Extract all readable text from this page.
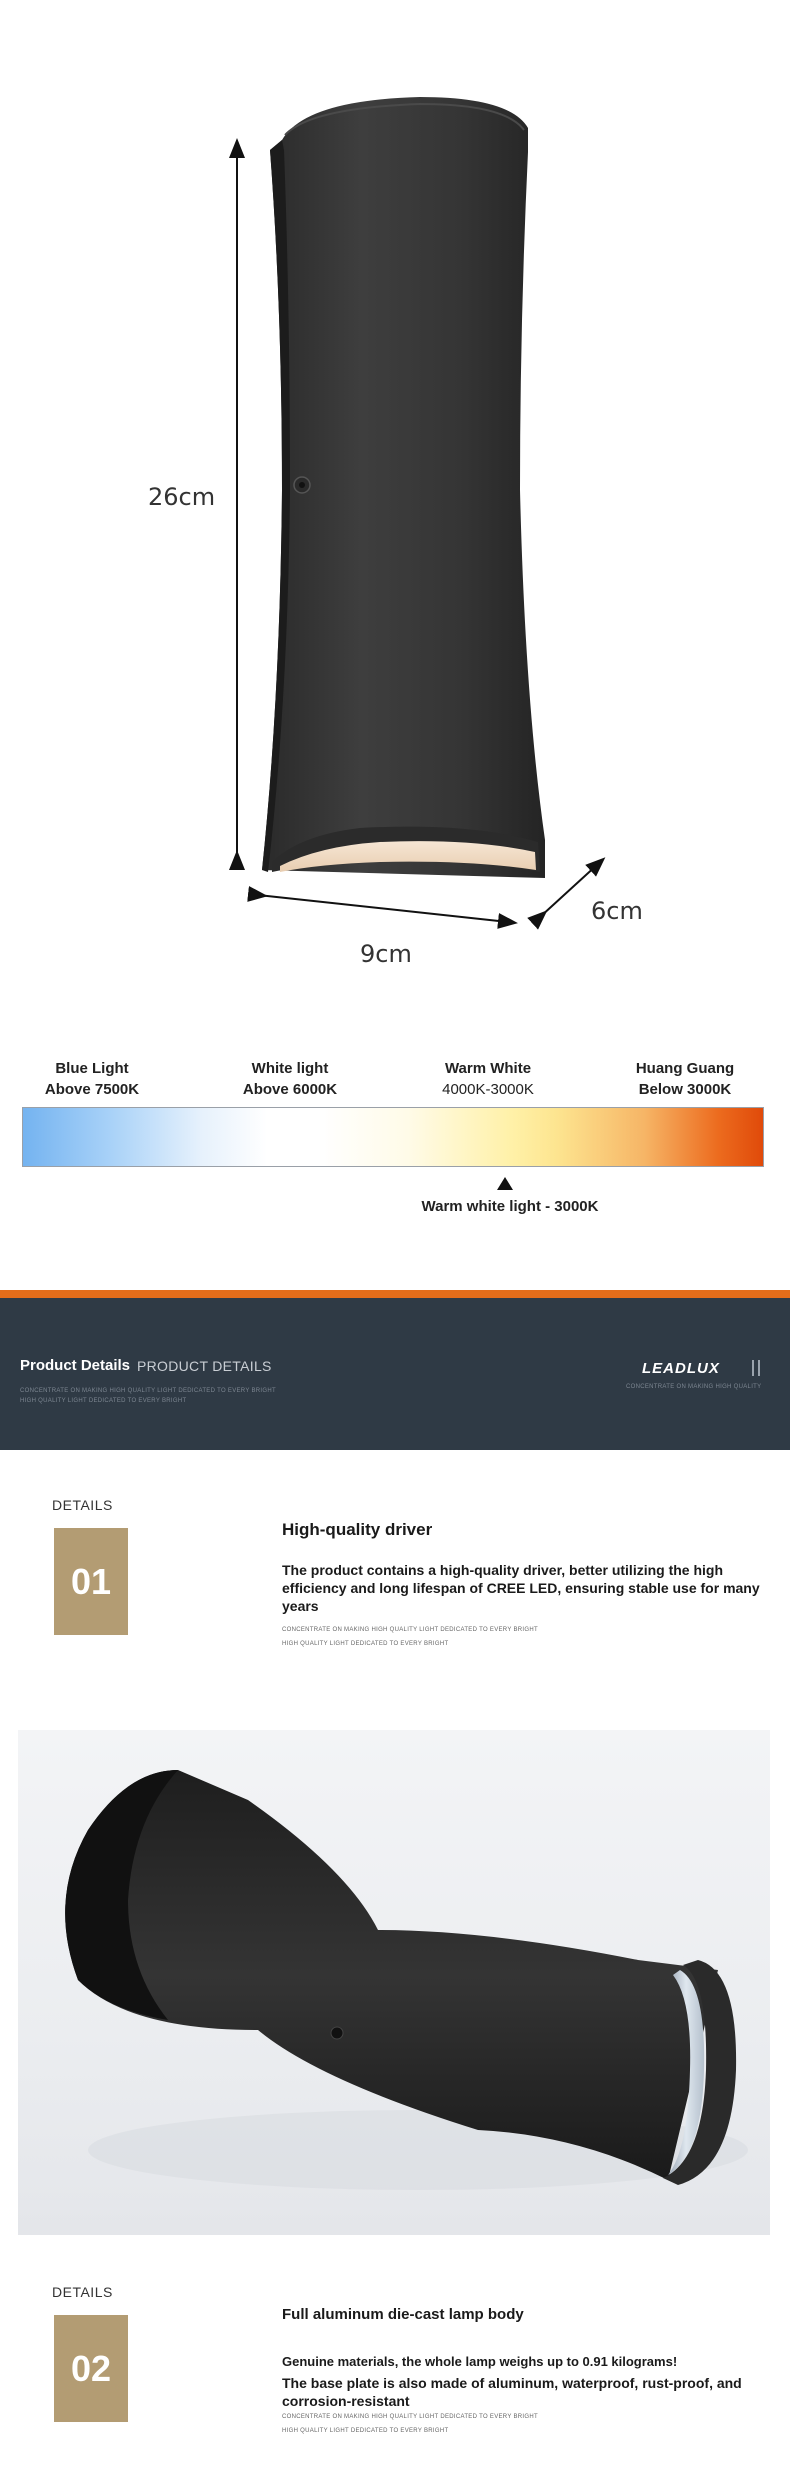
26cm
9cm
6cm
Blue Light
Above 7500K
White light
Above 6000K
Warm White
4000K-3000K
Huang Guang
Below 3000K
Warm white light - 3000K
Product Details PRODUCT DETAILS
CONCENTRATE ON MAKING HIGH QUALITY LIGHT DEDICATED TO EVERY BRIGHT
HIGH QUALITY LIGHT DEDICATED TO EVERY BRIGHT
LEADLUX
CONCENTRATE ON MAKING HIGH QUALITY
DETAILS
01
High-quality driver
The product contains a high-quality driver, better utilizing the high efficiency and long lifespan of CREE LED, ensuring stable use for many years
CONCENTRATE ON MAKING HIGH QUALITY LIGHT DEDICATED TO EVERY BRIGHT
HIGH QUALITY LIGHT DEDICATED TO EVERY BRIGHT
DETAILS
02
Full aluminum die-cast lamp body
Genuine materials, the whole lamp weighs up to 0.91 kilograms!
The base plate is also made of aluminum, waterproof, rust-proof, and corrosion-resistant
CONCENTRATE ON MAKING HIGH QUALITY LIGHT DEDICATED TO EVERY BRIGHT
HIGH QUALITY LIGHT DEDICATED TO EVERY BRIGHT
